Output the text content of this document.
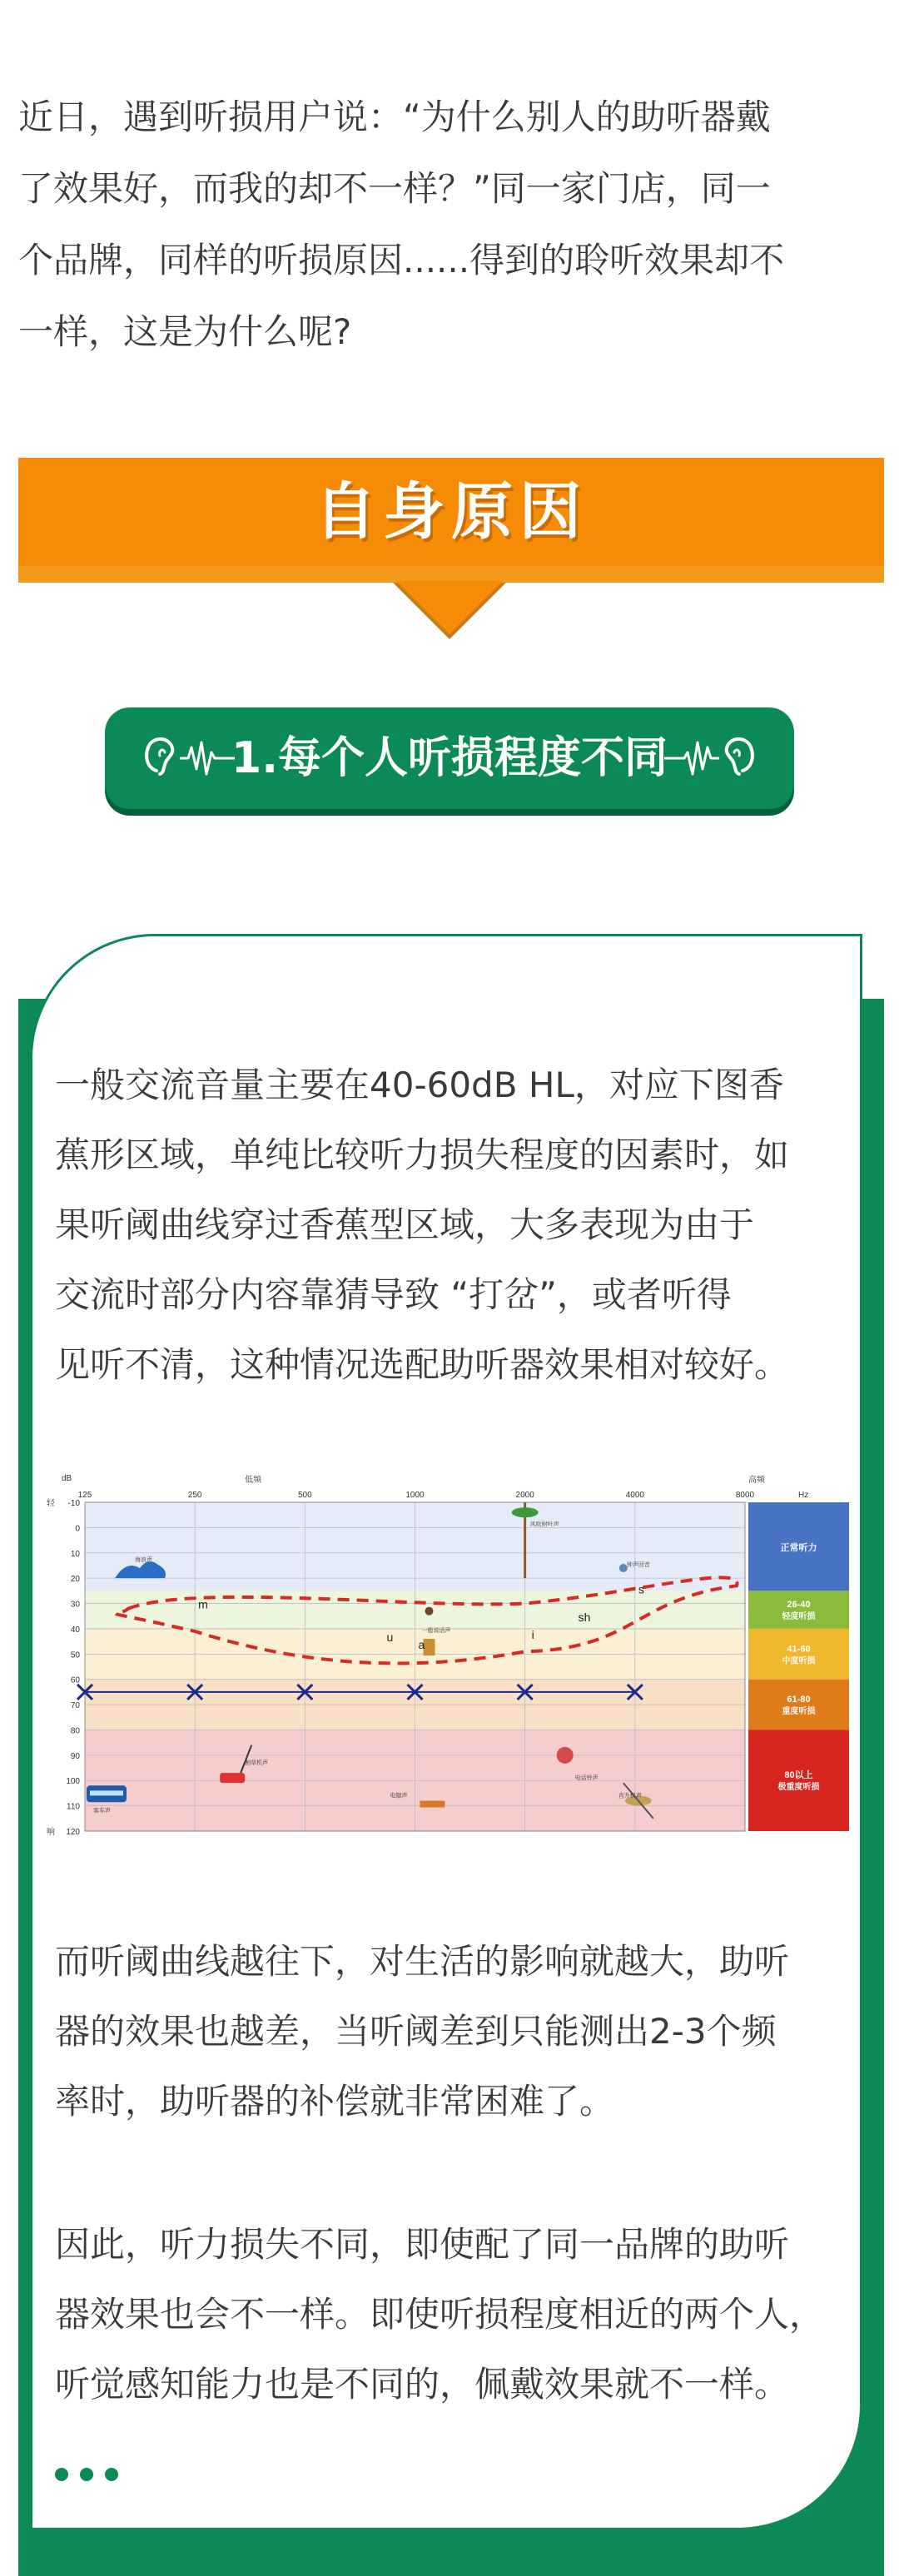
近日，遇到听损用户说：“为什么别人的助听器戴
了效果好，而我的却不一样？”同一家门店，同一
个品牌，同样的听损原因......得到的聆听效果却不
一样，这是为什么呢?

自身原因
1.每个人听损程度不同

一般交流音量主要在40-60dB HL，对应下图香
蕉形区域，单纯比较听力损失程度的因素时，如
果听阈曲线穿过香蕉型区域，大多表现为由于
交流时部分内容靠猜导致 “打岔”，或者听得
见听不清，这种情况选配助听器效果相对较好。

-10
0
10
20
30
40
50
60
70
80
90
100
110
120
125	250	500	1000	2000	4000	8000
dB
轻
响
低频	高频
Hz
海浪声
风吹树叶声
钟声回音
一般说话声
割草机声
电话铃声
电锯声	直升机声
客车声
m
u
a
i
sh
s
正常听力
26-40
轻度听损
41-60
中度听损
61-80
重度听损
80以上
极重度听损

而听阈曲线越往下，对生活的影响就越大，助听
器的效果也越差，当听阈差到只能测出2-3个频
率时，助听器的补偿就非常困难了。

因此，听力损失不同，即使配了同一品牌的助听
器效果也会不一样。即使听损程度相近的两个人，
听觉感知能力也是不同的，佩戴效果就不一样。
